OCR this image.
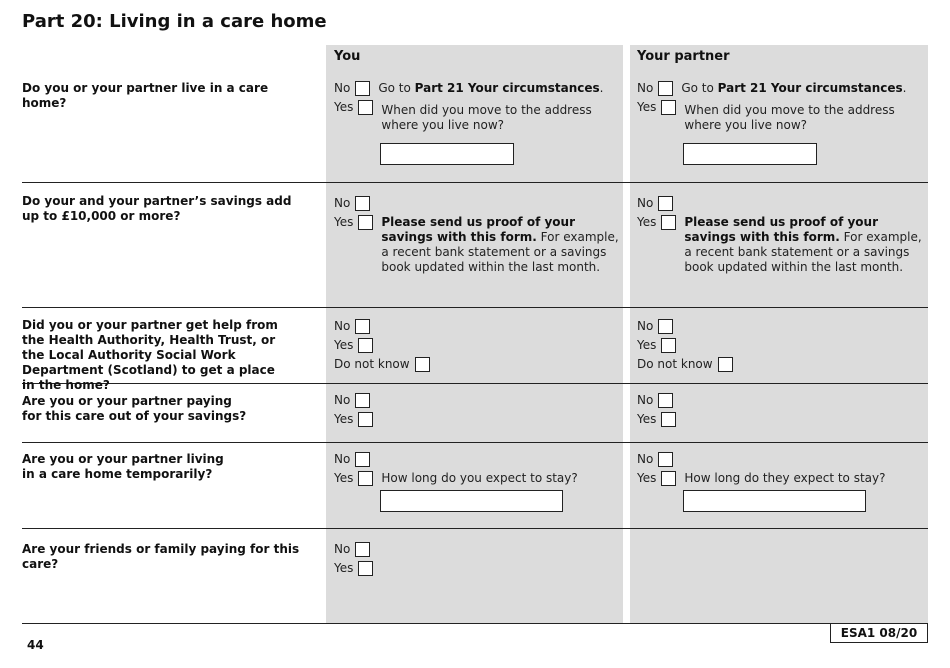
Part 20: Living in a care home
You	Your partner
Do you or your partner live in a care home?
No Go to Part 21 Your circumstances.
Yes When did you move to the address where you live now?
No Go to Part 21 Your circumstances.
Yes When did you move to the address where you live now?
Do your and your partner’s savings add up to £10,000 or more?
No
Yes Please send us proof of your savings with this form. For example, a recent bank statement or a savings book updated within the last month.
No
Yes Please send us proof of your savings with this form. For example, a recent bank statement or a savings book updated within the last month.
Did you or your partner get help from the Health Authority, Health Trust, or the Local Authority Social Work Department (Scotland) to get a place in the home?
No
Yes
Do not know
No
Yes
Do not know
Are you or your partner paying for this care out of your savings?
No
Yes
No
Yes
Are you or your partner living in a care home temporarily?
No
Yes How long do you expect to stay?
No
Yes How long do they expect to stay?
Are your friends or family paying for this care?
No
Yes
44
ESA1 08/20
